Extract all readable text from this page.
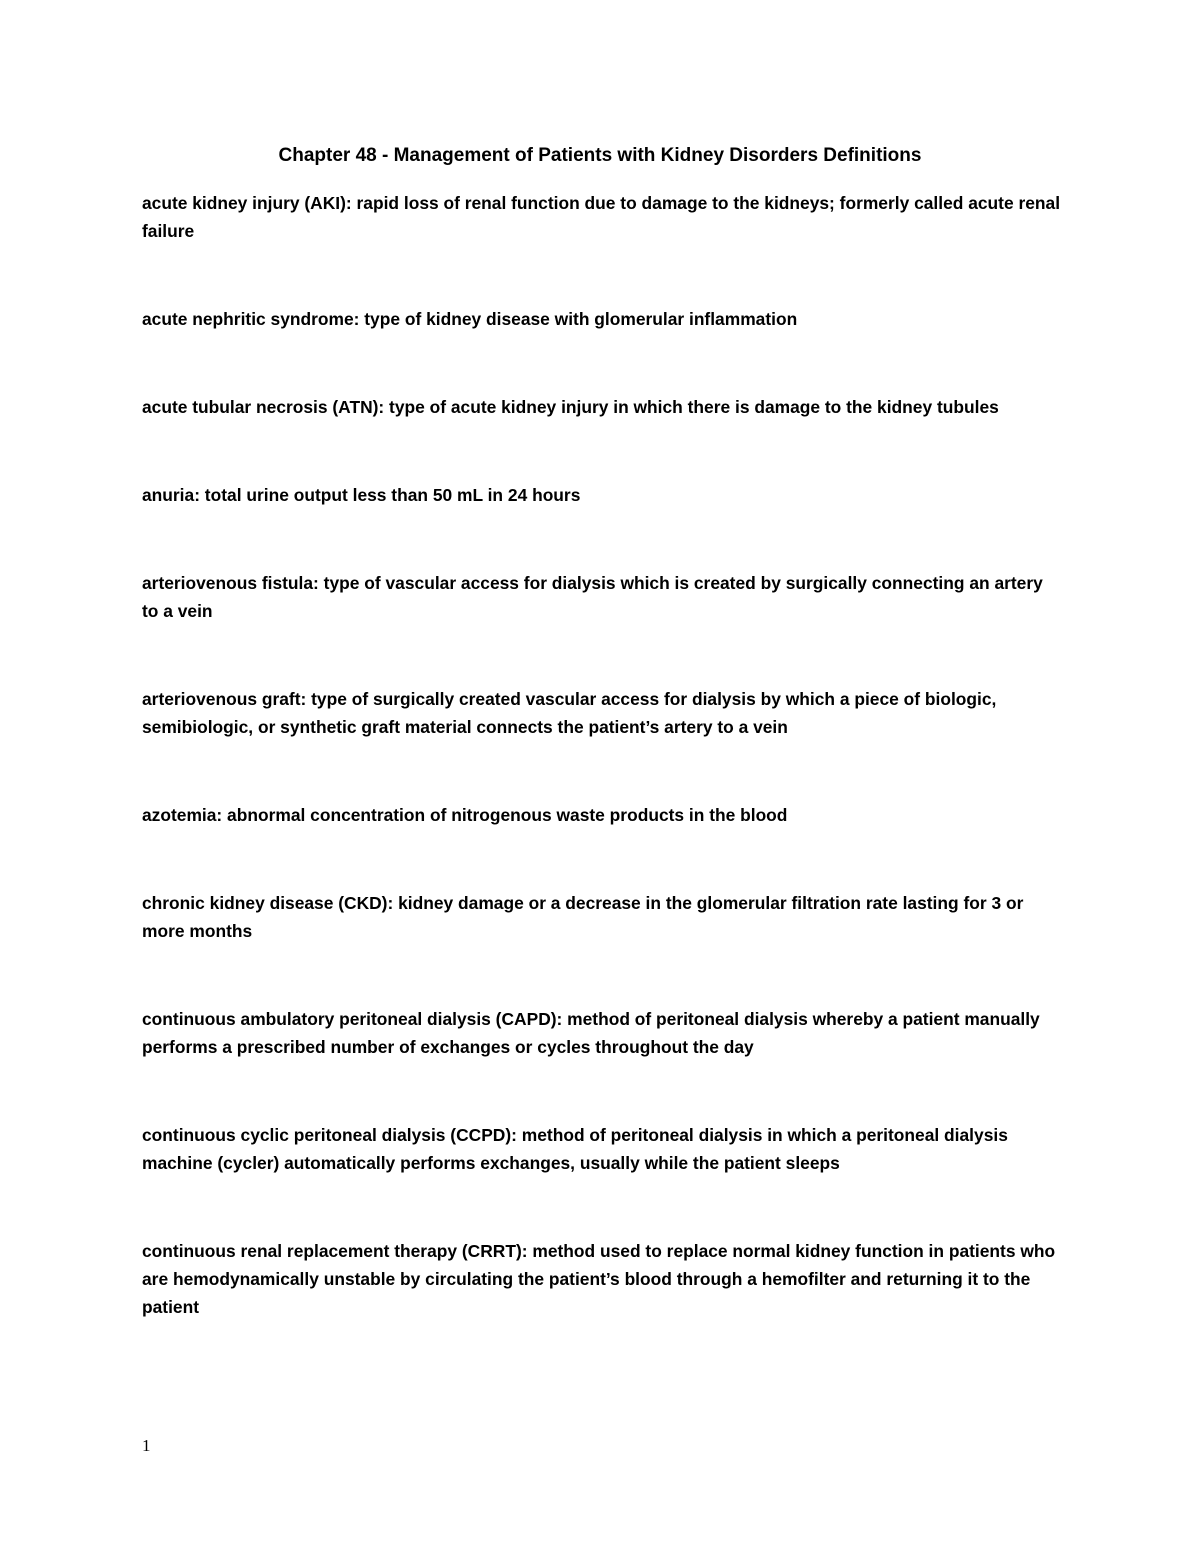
Chapter 48 - Management of Patients with Kidney Disorders Definitions

acute kidney injury (AKI): rapid loss of renal function due to damage to the kidneys; formerly called acute renal failure

acute nephritic syndrome: type of kidney disease with glomerular inflammation

acute tubular necrosis (ATN): type of acute kidney injury in which there is damage to the kidney tubules

anuria: total urine output less than 50 mL in 24 hours

arteriovenous fistula: type of vascular access for dialysis which is created by surgically connecting an artery to a vein

arteriovenous graft: type of surgically created vascular access for dialysis by which a piece of biologic, semibiologic, or synthetic graft material connects the patient’s artery to a vein

azotemia: abnormal concentration of nitrogenous waste products in the blood

chronic kidney disease (CKD): kidney damage or a decrease in the glomerular filtration rate lasting for 3 or more months

continuous ambulatory peritoneal dialysis (CAPD): method of peritoneal dialysis whereby a patient manually performs a prescribed number of exchanges or cycles throughout the day

continuous cyclic peritoneal dialysis (CCPD): method of peritoneal dialysis in which a peritoneal dialysis machine (cycler) automatically performs exchanges, usually while the patient sleeps

continuous renal replacement therapy (CRRT): method used to replace normal kidney function in patients who are hemodynamically unstable by circulating the patient’s blood through a hemofilter and returning it to the patient

1
